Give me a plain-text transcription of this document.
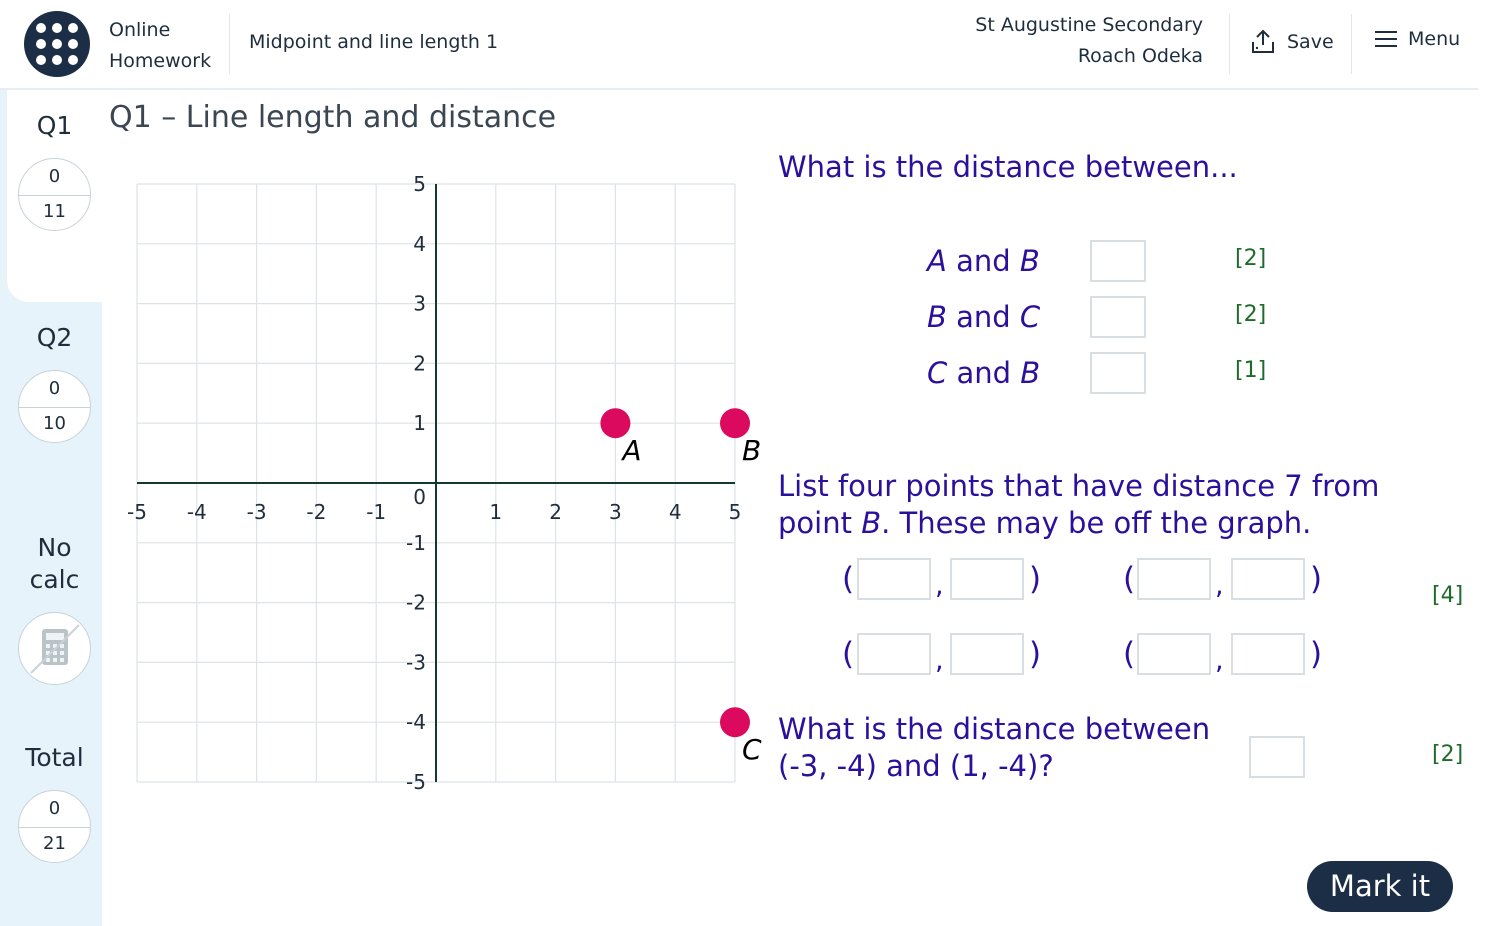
Online
Homework
Midpoint and line length 1
St Augustine Secondary
Roach Odeka
Save	Menu
Q1
0
11
Q2
0
10
No
calc
Total
0
21
Q1 – Line length and distance
-5 -4 -3 -2 -1	1 2 3 4 5
5
4
3
2
1
-1
-2
-3
-4
-5
0
A	B
C
What is the distance between...
A and B	[2]
B and C	[2]
C and B	[1]
List four points that have distance 7 from
point B. These may be off the graph.
(	,	)	(	,	)
(	,	)	(	,	)
[4]
What is the distance between
(-3, -4) and (1, -4)?	[2]
Mark it
